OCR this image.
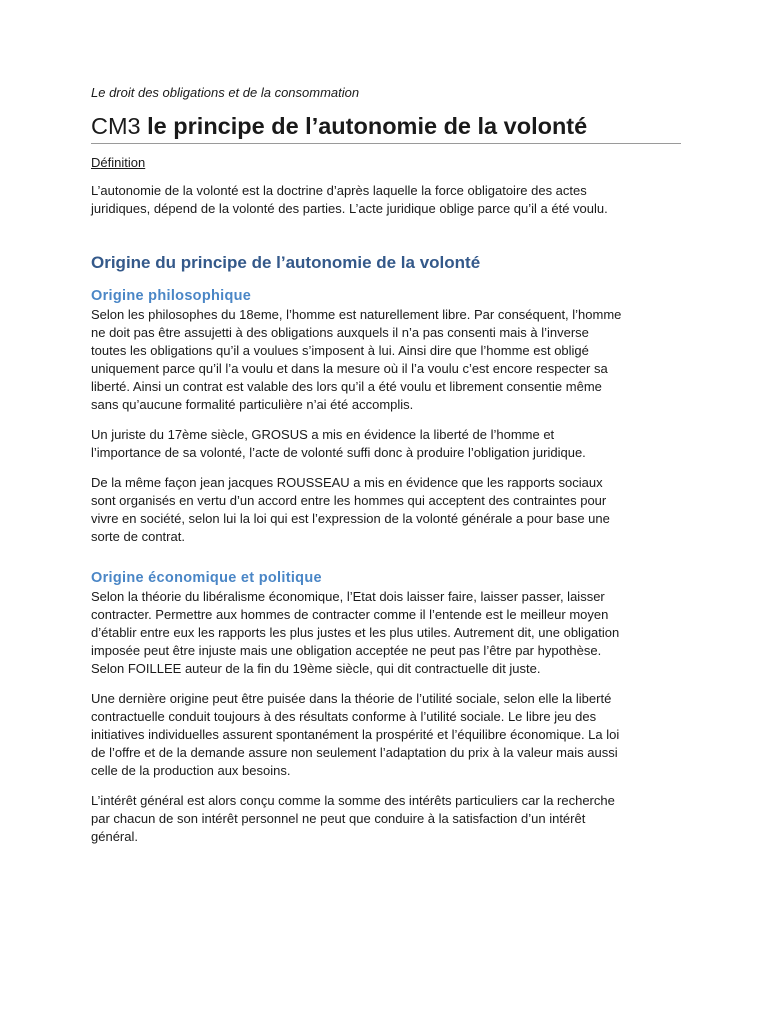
Le droit des obligations et de la consommation

CM3 le principe de l’autonomie de la volonté

Définition

L’autonomie de la volonté est la doctrine d’après laquelle la force obligatoire des actes
juridiques, dépend de la volonté des parties. L’acte juridique oblige parce qu’il a été voulu.

Origine du principe de l’autonomie de la volonté
Origine philosophique

Selon les philosophes du 18eme, l’homme est naturellement libre. Par conséquent, l’homme
ne doit pas être assujetti à des obligations auxquels il n’a pas consenti mais à l’inverse
toutes les obligations qu’il a voulues s’imposent à lui. Ainsi dire que l’homme est obligé
uniquement parce qu’il l’a voulu et dans la mesure où il l’a voulu c’est encore respecter sa
liberté. Ainsi un contrat est valable des lors qu’il a été voulu et librement consentie même
sans qu’aucune formalité particulière n’ai été accomplis.

Un juriste du 17ème siècle, GROSUS a mis en évidence la liberté de l’homme et
l’importance de sa volonté, l’acte de volonté suffi donc à produire l’obligation juridique.

De la même façon jean jacques ROUSSEAU a mis en évidence que les rapports sociaux
sont organisés en vertu d’un accord entre les hommes qui acceptent des contraintes pour
vivre en société, selon lui la loi qui est l’expression de la volonté générale a pour base une
sorte de contrat.

Origine économique et politique

Selon la théorie du libéralisme économique, l’Etat dois laisser faire, laisser passer, laisser
contracter. Permettre aux hommes de contracter comme il l’entende est le meilleur moyen
d’établir entre eux les rapports les plus justes et les plus utiles. Autrement dit, une obligation
imposée peut être injuste mais une obligation acceptée ne peut pas l’être par hypothèse.
Selon FOILLEE auteur de la fin du 19ème siècle, qui dit contractuelle dit juste.

Une dernière origine peut être puisée dans la théorie de l’utilité sociale, selon elle la liberté
contractuelle conduit toujours à des résultats conforme à l’utilité sociale. Le libre jeu des
initiatives individuelles assurent spontanément la prospérité et l’équilibre économique. La loi
de l’offre et de la demande assure non seulement l’adaptation du prix à la valeur mais aussi
celle de la production aux besoins.

L’intérêt général est alors conçu comme la somme des intérêts particuliers car la recherche
par chacun de son intérêt personnel ne peut que conduire à la satisfaction d’un intérêt
général.
